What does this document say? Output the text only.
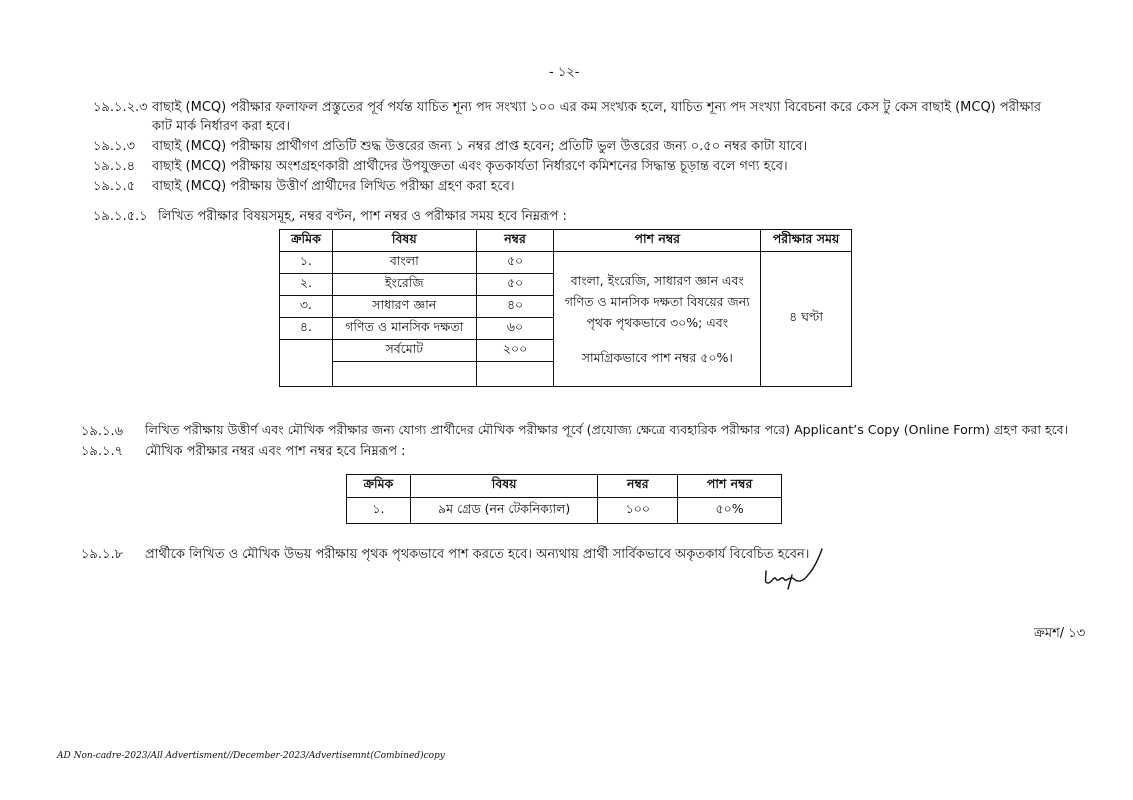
- ১২-
১৯.১.২.৩ বাছাই (MCQ) পরীক্ষার ফলাফল প্রস্তুতের পূর্ব পর্যন্ত যাচিত শূন্য পদ সংখ্যা ১০০ এর কম সংখ্যক হলে, যাচিত শূন্য পদ সংখ্যা বিবেচনা করে কেস টু কেস বাছাই (MCQ) পরীক্ষার
কাট মার্ক নির্ধারণ করা হবে।
১৯.১.৩ বাছাই (MCQ) পরীক্ষায় প্রার্থীগণ প্রতিটি শুদ্ধ উত্তরের জন্য ১ নম্বর প্রাপ্ত হবেন; প্রতিটি ভুল উত্তরের জন্য ০.৫০ নম্বর কাটা যাবে।
১৯.১.৪ বাছাই (MCQ) পরীক্ষায় অংশগ্রহণকারী প্রার্থীদের উপযুক্ততা এবং কৃতকার্যতা নির্ধারণে কমিশনের সিদ্ধান্ত চূড়ান্ত বলে গণ্য হবে।
১৯.১.৫ বাছাই (MCQ) পরীক্ষায় উত্তীর্ণ প্রার্থীদের লিখিত পরীক্ষা গ্রহণ করা হবে।
১৯.১.৫.১ লিখিত পরীক্ষার বিষয়সমূহ, নম্বর বণ্টন, পাশ নম্বর ও পরীক্ষার সময় হবে নিম্নরূপ :
ক্রমিক	বিষয়	নম্বর	পাশ নম্বর	পরীক্ষার সময়
১.	বাংলা	৫০	বাংলা, ইংরেজি, সাধারণ জ্ঞান এবং
গণিত ও মানসিক দক্ষতা বিষয়ের জন্য
পৃথক পৃথকভাবে ৩০%; এবং
সামগ্রিকভাবে পাশ নম্বর ৫০%।	৪ ঘণ্টা
২.	ইংরেজি	৫০		
৩.	সাধারণ জ্ঞান	৪০		
৪.	গণিত ও মানসিক দক্ষতা	৬০		
	সর্বমোট	২০০		

১৯.১.৬ লিখিত পরীক্ষায় উত্তীর্ণ এবং মৌখিক পরীক্ষার জন্য যোগ্য প্রার্থীদের মৌখিক পরীক্ষার পূর্বে (প্রযোজ্য ক্ষেত্রে ব্যবহারিক পরীক্ষার পরে) Applicant’s Copy (Online Form) গ্রহণ করা হবে।
১৯.১.৭ মৌখিক পরীক্ষার নম্বর এবং পাশ নম্বর হবে নিম্নরূপ :
ক্রমিক	বিষয়	নম্বর	পাশ নম্বর
১.	৯ম গ্রেড (নন টেকনিক্যাল)	১০০	৫০%
১৯.১.৮ প্রার্থীকে লিখিত ও মৌখিক উভয় পরীক্ষায় পৃথক পৃথকভাবে পাশ করতে হবে। অন্যথায় প্রার্থী সার্বিকভাবে অকৃতকার্য বিবেচিত হবেন।
ক্রমশ/ ১৩
AD Non-cadre-2023/All Advertisment//December-2023/Advertisemnt(Combined)copy
